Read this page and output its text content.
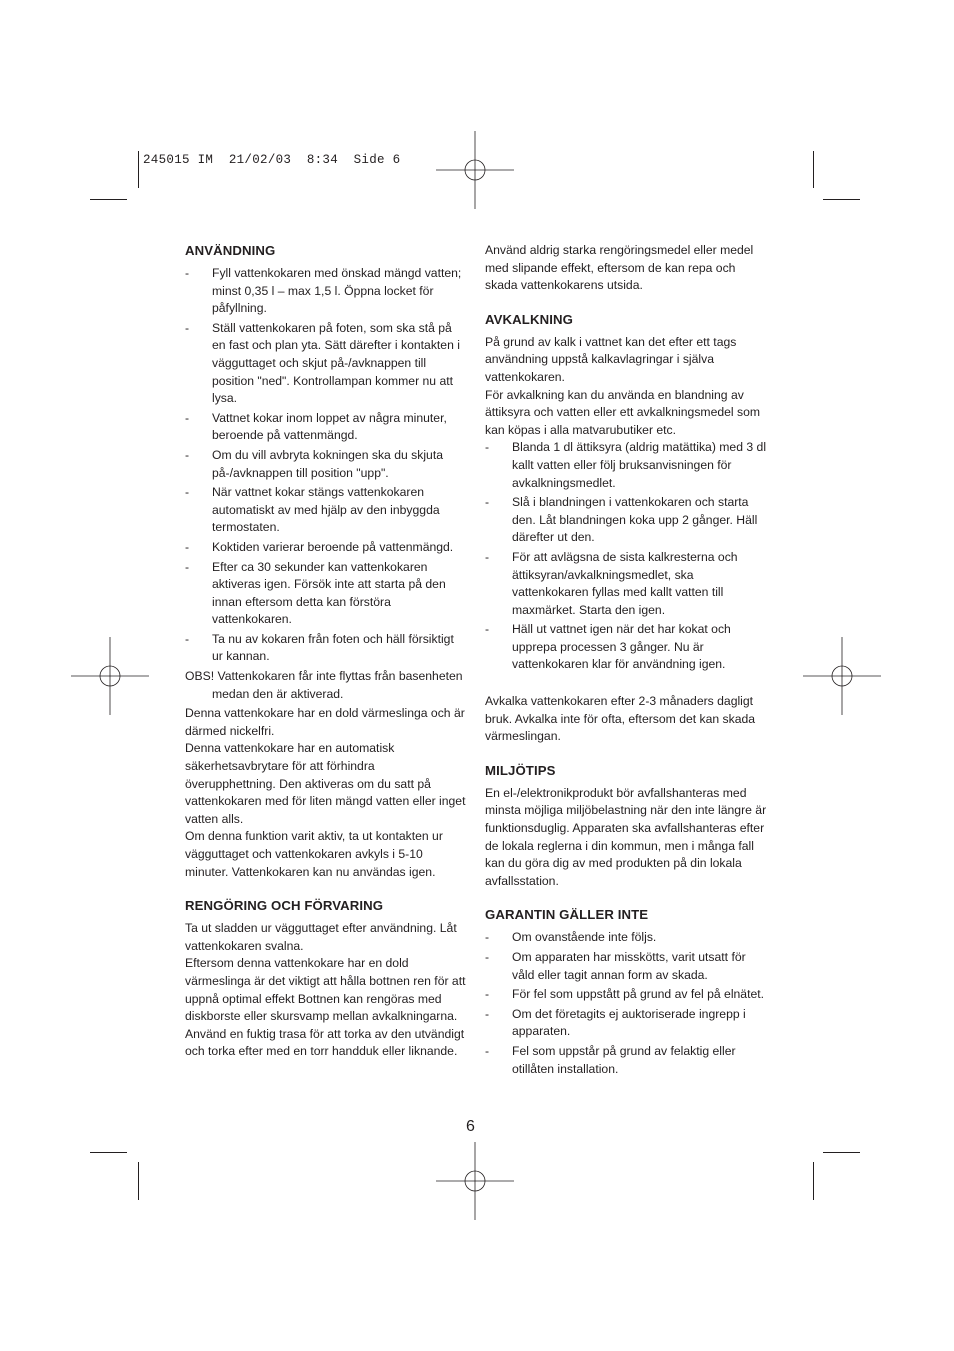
245015 IM  21/02/03  8:34  Side 6
ANVÄNDNING
- Fyll vattenkokaren med önskad mängd vatten; minst 0,35 l – max 1,5 l. Öppna locket för påfyllning.
- Ställ vattenkokaren på foten, som ska stå på en fast och plan yta. Sätt därefter i kontakten i vägguttaget och skjut på-/avknappen till position "ned". Kontrollampan kommer nu att lysa.
- Vattnet kokar inom loppet av några minuter, beroende på vattenmängd.
- Om du vill avbryta kokningen ska du skjuta på-/avknappen till position "upp".
- När vattnet kokar stängs vattenkokaren automatiskt av med hjälp av den inbyggda termostaten.
- Koktiden varierar beroende på vattenmängd.
- Efter ca 30 sekunder kan vattenkokaren aktiveras igen. Försök inte att starta på den innan eftersom detta kan förstöra vattenkokaren.
- Ta nu av kokaren från foten och häll försiktigt ur kannan.

OBS! Vattenkokaren får inte flyttas från basenheten medan den är aktiverad.

Denna vattenkokare har en dold värmeslinga och är därmed nickelfri.

Denna vattenkokare har en automatisk säkerhetsavbrytare för att förhindra överupphettning. Den aktiveras om du satt på vattenkokaren med för liten mängd vatten eller inget vatten alls.

Om denna funktion varit aktiv, ta ut kontakten ur vägguttaget och vattenkokaren avkyls i 5-10 minuter. Vattenkokaren kan nu användas igen.

RENGÖRING OCH FÖRVARING

Ta ut sladden ur vägguttaget efter användning. Låt vattenkokaren svalna.

Eftersom denna vattenkokare har en dold värmeslinga är det viktigt att hålla bottnen ren för att uppnå optimal effekt Bottnen kan rengöras med diskborste eller skursvamp mellan avkalkningarna.

Använd en fuktig trasa för att torka av den utvändigt och torka efter med en torr handduk eller liknande.

Använd aldrig starka rengöringsmedel eller medel med slipande effekt, eftersom de kan repa och skada vattenkokarens utsida.

AVKALKNING

På grund av kalk i vattnet kan det efter ett tags användning uppstå kalkavlagringar i själva vattenkokaren.

För avkalkning kan du använda en blandning av ättiksyra och vatten eller ett avkalkningsmedel som kan köpas i alla matvarubutiker etc.

- Blanda 1 dl ättiksyra (aldrig matättika) med 3 dl kallt vatten eller följ bruksanvisningen för avkalkningsmedlet.
- Slå i blandningen i vattenkokaren och starta den. Låt blandningen koka upp 2 gånger. Häll därefter ut den.
- För att avlägsna de sista kalkresterna och ättiksyran/avkalkningsmedlet, ska vattenkokaren fyllas med kallt vatten till maxmärket. Starta den igen.
- Häll ut vattnet igen när det har kokat och upprepa processen 3 gånger. Nu är vattenkokaren klar för användning igen.

Avkalka vattenkokaren efter 2-3 månaders dagligt bruk. Avkalka inte för ofta, eftersom det kan skada värmeslingan.

MILJÖTIPS

En el-/elektronikprodukt bör avfallshanteras med minsta möjliga miljöbelastning när den inte längre är funktionsduglig. Apparaten ska avfallshanteras efter de lokala reglerna i din kommun, men i många fall kan du göra dig av med produkten på din lokala avfallsstation.

GARANTIN GÄLLER INTE
- Om ovanstående inte följs.
- Om apparaten har misskötts, varit utsatt för våld eller tagit annan form av skada.
- För fel som uppstått på grund av fel på elnätet.
- Om det företagits ej auktoriserade ingrepp i apparaten.
- Fel som uppstår på grund av felaktig eller otillåten installation.
6
